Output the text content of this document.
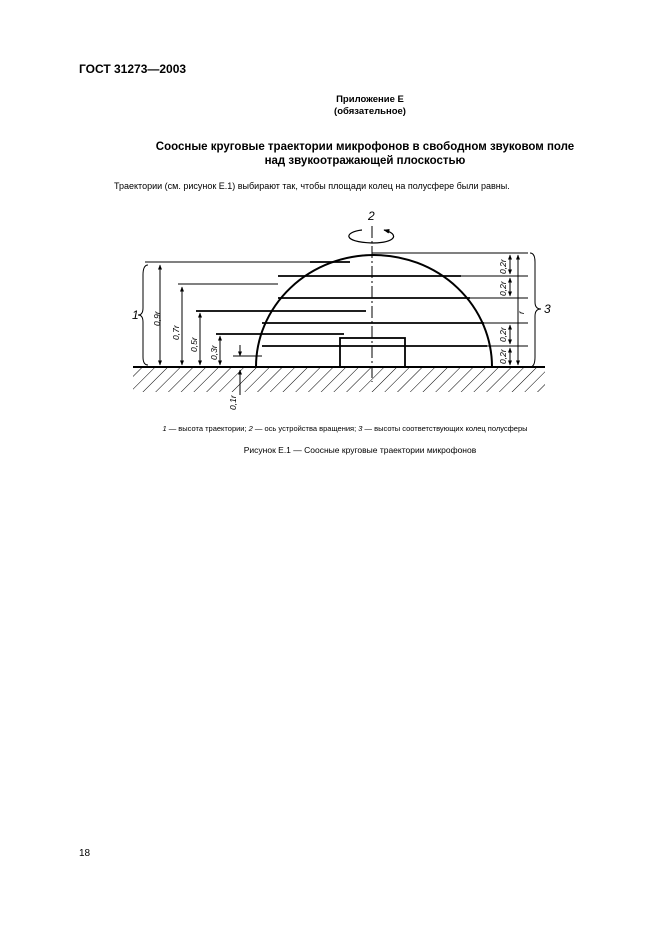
ГОСТ 31273—2003
Приложение Е
(обязательное)
Соосные круговые траектории микрофонов в свободном звуковом поле
над звукоотражающей плоскостью
Траектории (см. рисунок Е.1) выбирают так, чтобы площади колец на полусфере были равны.
2
1 0,9r
0,7r
0,5r
0,3r
0,1r
3
0,2r
0,2r
r
0,2r
0,2r
1 — высота траектории; 2 — ось устройства вращения; 3 — высоты соответствующих колец полусферы
Рисунок Е.1 — Соосные круговые траектории микрофонов
18
